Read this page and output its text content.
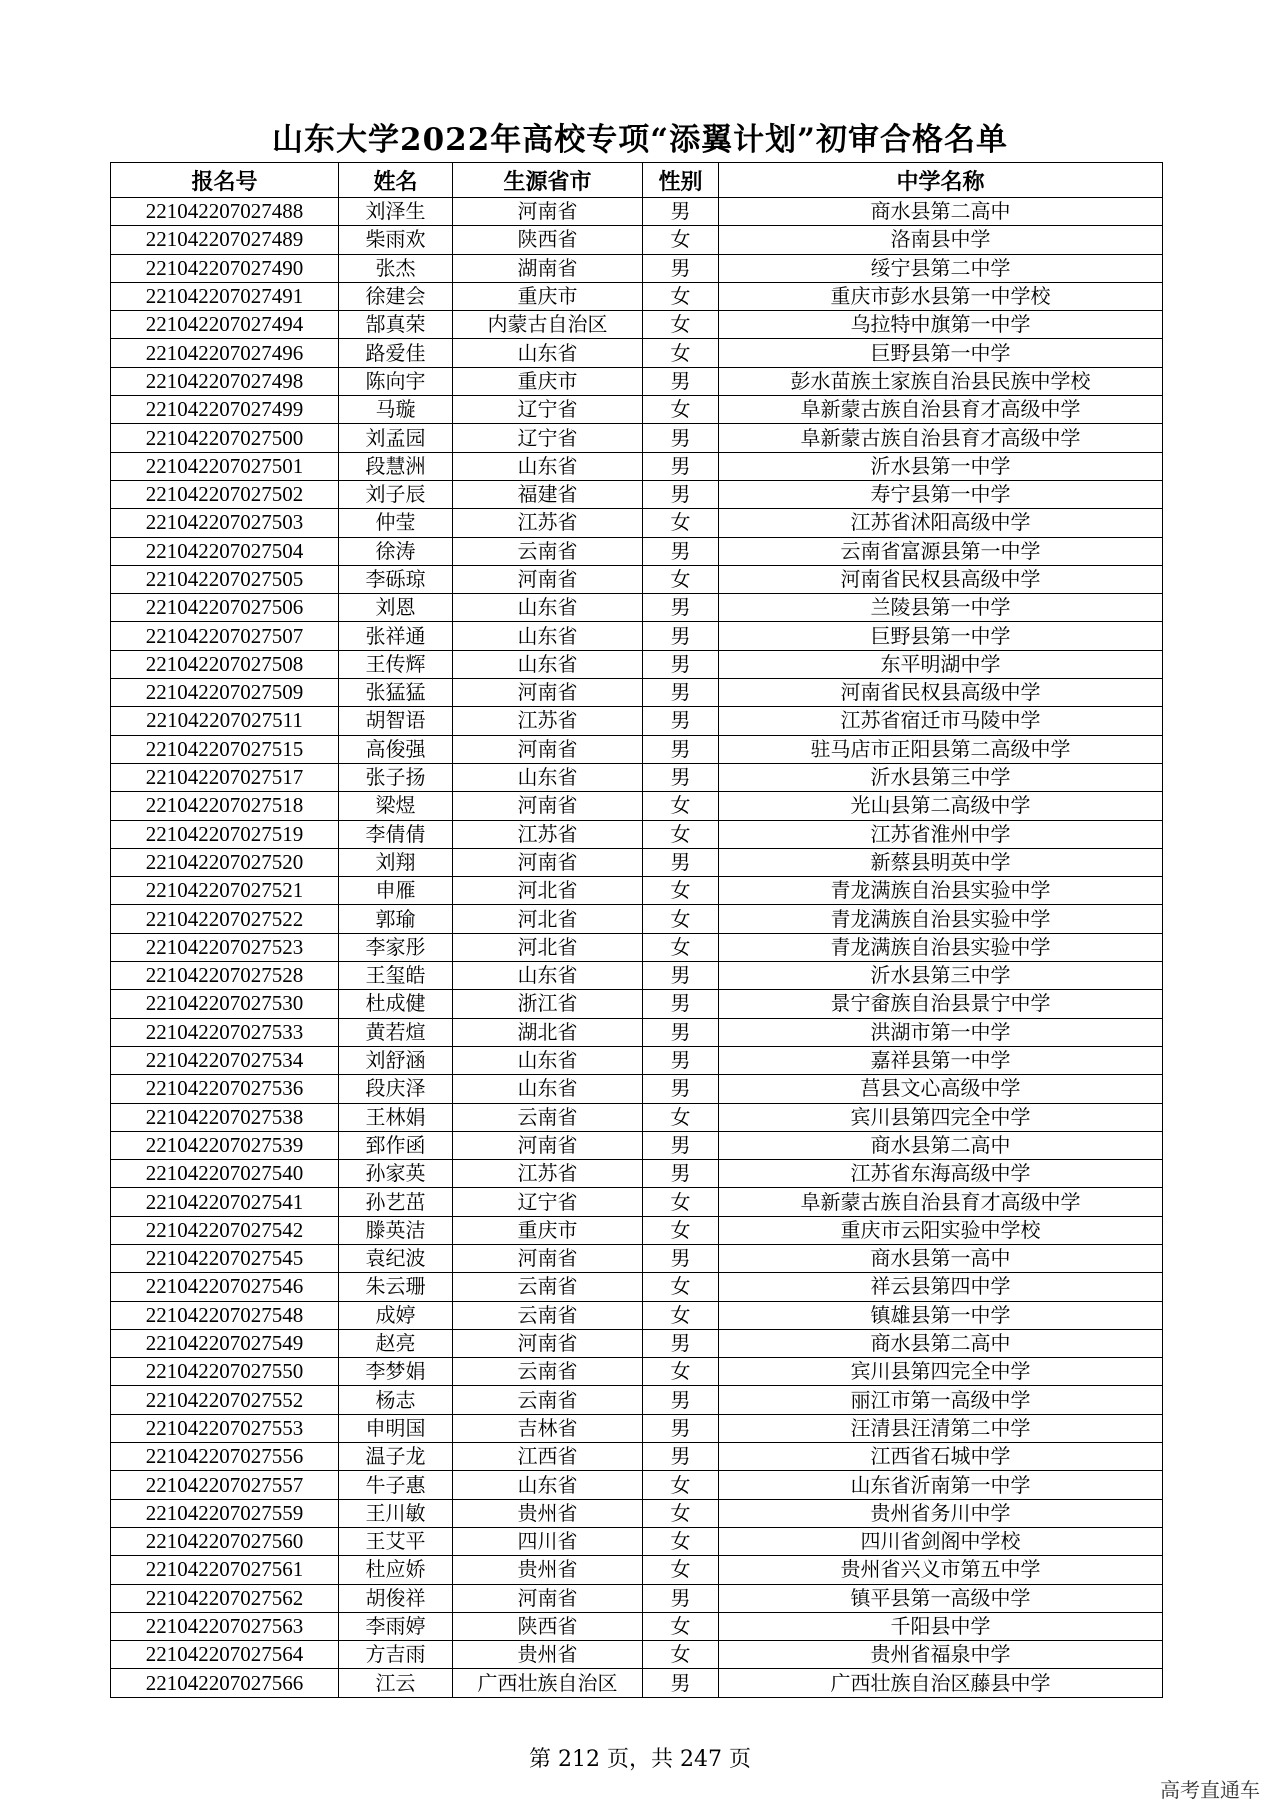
山东大学2022年高校专项“添翼计划”初审合格名单
报名号	姓名	生源省市	性别	中学名称
221042207027488	刘泽生	河南省	男	商水县第二高中
221042207027489	柴雨欢	陕西省	女	洛南县中学
221042207027490	张杰	湖南省	男	绥宁县第二中学
221042207027491	徐建会	重庆市	女	重庆市彭水县第一中学校
221042207027494	郜真荣	内蒙古自治区	女	乌拉特中旗第一中学
221042207027496	路爱佳	山东省	女	巨野县第一中学
221042207027498	陈向宇	重庆市	男	彭水苗族土家族自治县民族中学校
221042207027499	马璇	辽宁省	女	阜新蒙古族自治县育才高级中学
221042207027500	刘孟园	辽宁省	男	阜新蒙古族自治县育才高级中学
221042207027501	段慧洲	山东省	男	沂水县第一中学
221042207027502	刘子辰	福建省	男	寿宁县第一中学
221042207027503	仲莹	江苏省	女	江苏省沭阳高级中学
221042207027504	徐涛	云南省	男	云南省富源县第一中学
221042207027505	李砾琼	河南省	女	河南省民权县高级中学
221042207027506	刘恩	山东省	男	兰陵县第一中学
221042207027507	张祥通	山东省	男	巨野县第一中学
221042207027508	王传辉	山东省	男	东平明湖中学
221042207027509	张猛猛	河南省	男	河南省民权县高级中学
221042207027511	胡智语	江苏省	男	江苏省宿迁市马陵中学
221042207027515	高俊强	河南省	男	驻马店市正阳县第二高级中学
221042207027517	张子扬	山东省	男	沂水县第三中学
221042207027518	梁煜	河南省	女	光山县第二高级中学
221042207027519	李倩倩	江苏省	女	江苏省淮州中学
221042207027520	刘翔	河南省	男	新蔡县明英中学
221042207027521	申雁	河北省	女	青龙满族自治县实验中学
221042207027522	郭瑜	河北省	女	青龙满族自治县实验中学
221042207027523	李家彤	河北省	女	青龙满族自治县实验中学
221042207027528	王玺皓	山东省	男	沂水县第三中学
221042207027530	杜成健	浙江省	男	景宁畲族自治县景宁中学
221042207027533	黄若煊	湖北省	男	洪湖市第一中学
221042207027534	刘舒涵	山东省	男	嘉祥县第一中学
221042207027536	段庆泽	山东省	男	莒县文心高级中学
221042207027538	王林娟	云南省	女	宾川县第四完全中学
221042207027539	郅作函	河南省	男	商水县第二高中
221042207027540	孙家英	江苏省	男	江苏省东海高级中学
221042207027541	孙艺茁	辽宁省	女	阜新蒙古族自治县育才高级中学
221042207027542	滕英洁	重庆市	女	重庆市云阳实验中学校
221042207027545	袁纪波	河南省	男	商水县第一高中
221042207027546	朱云珊	云南省	女	祥云县第四中学
221042207027548	成婷	云南省	女	镇雄县第一中学
221042207027549	赵亮	河南省	男	商水县第二高中
221042207027550	李梦娟	云南省	女	宾川县第四完全中学
221042207027552	杨志	云南省	男	丽江市第一高级中学
221042207027553	申明国	吉林省	男	汪清县汪清第二中学
221042207027556	温子龙	江西省	男	江西省石城中学
221042207027557	牛子惠	山东省	女	山东省沂南第一中学
221042207027559	王川敏	贵州省	女	贵州省务川中学
221042207027560	王艾平	四川省	女	四川省剑阁中学校
221042207027561	杜应娇	贵州省	女	贵州省兴义市第五中学
221042207027562	胡俊祥	河南省	男	镇平县第一高级中学
221042207027563	李雨婷	陕西省	女	千阳县中学
221042207027564	方吉雨	贵州省	女	贵州省福泉中学
221042207027566	江云	广西壮族自治区	男	广西壮族自治区藤县中学
第 212 页，共 247 页
高考直通车
